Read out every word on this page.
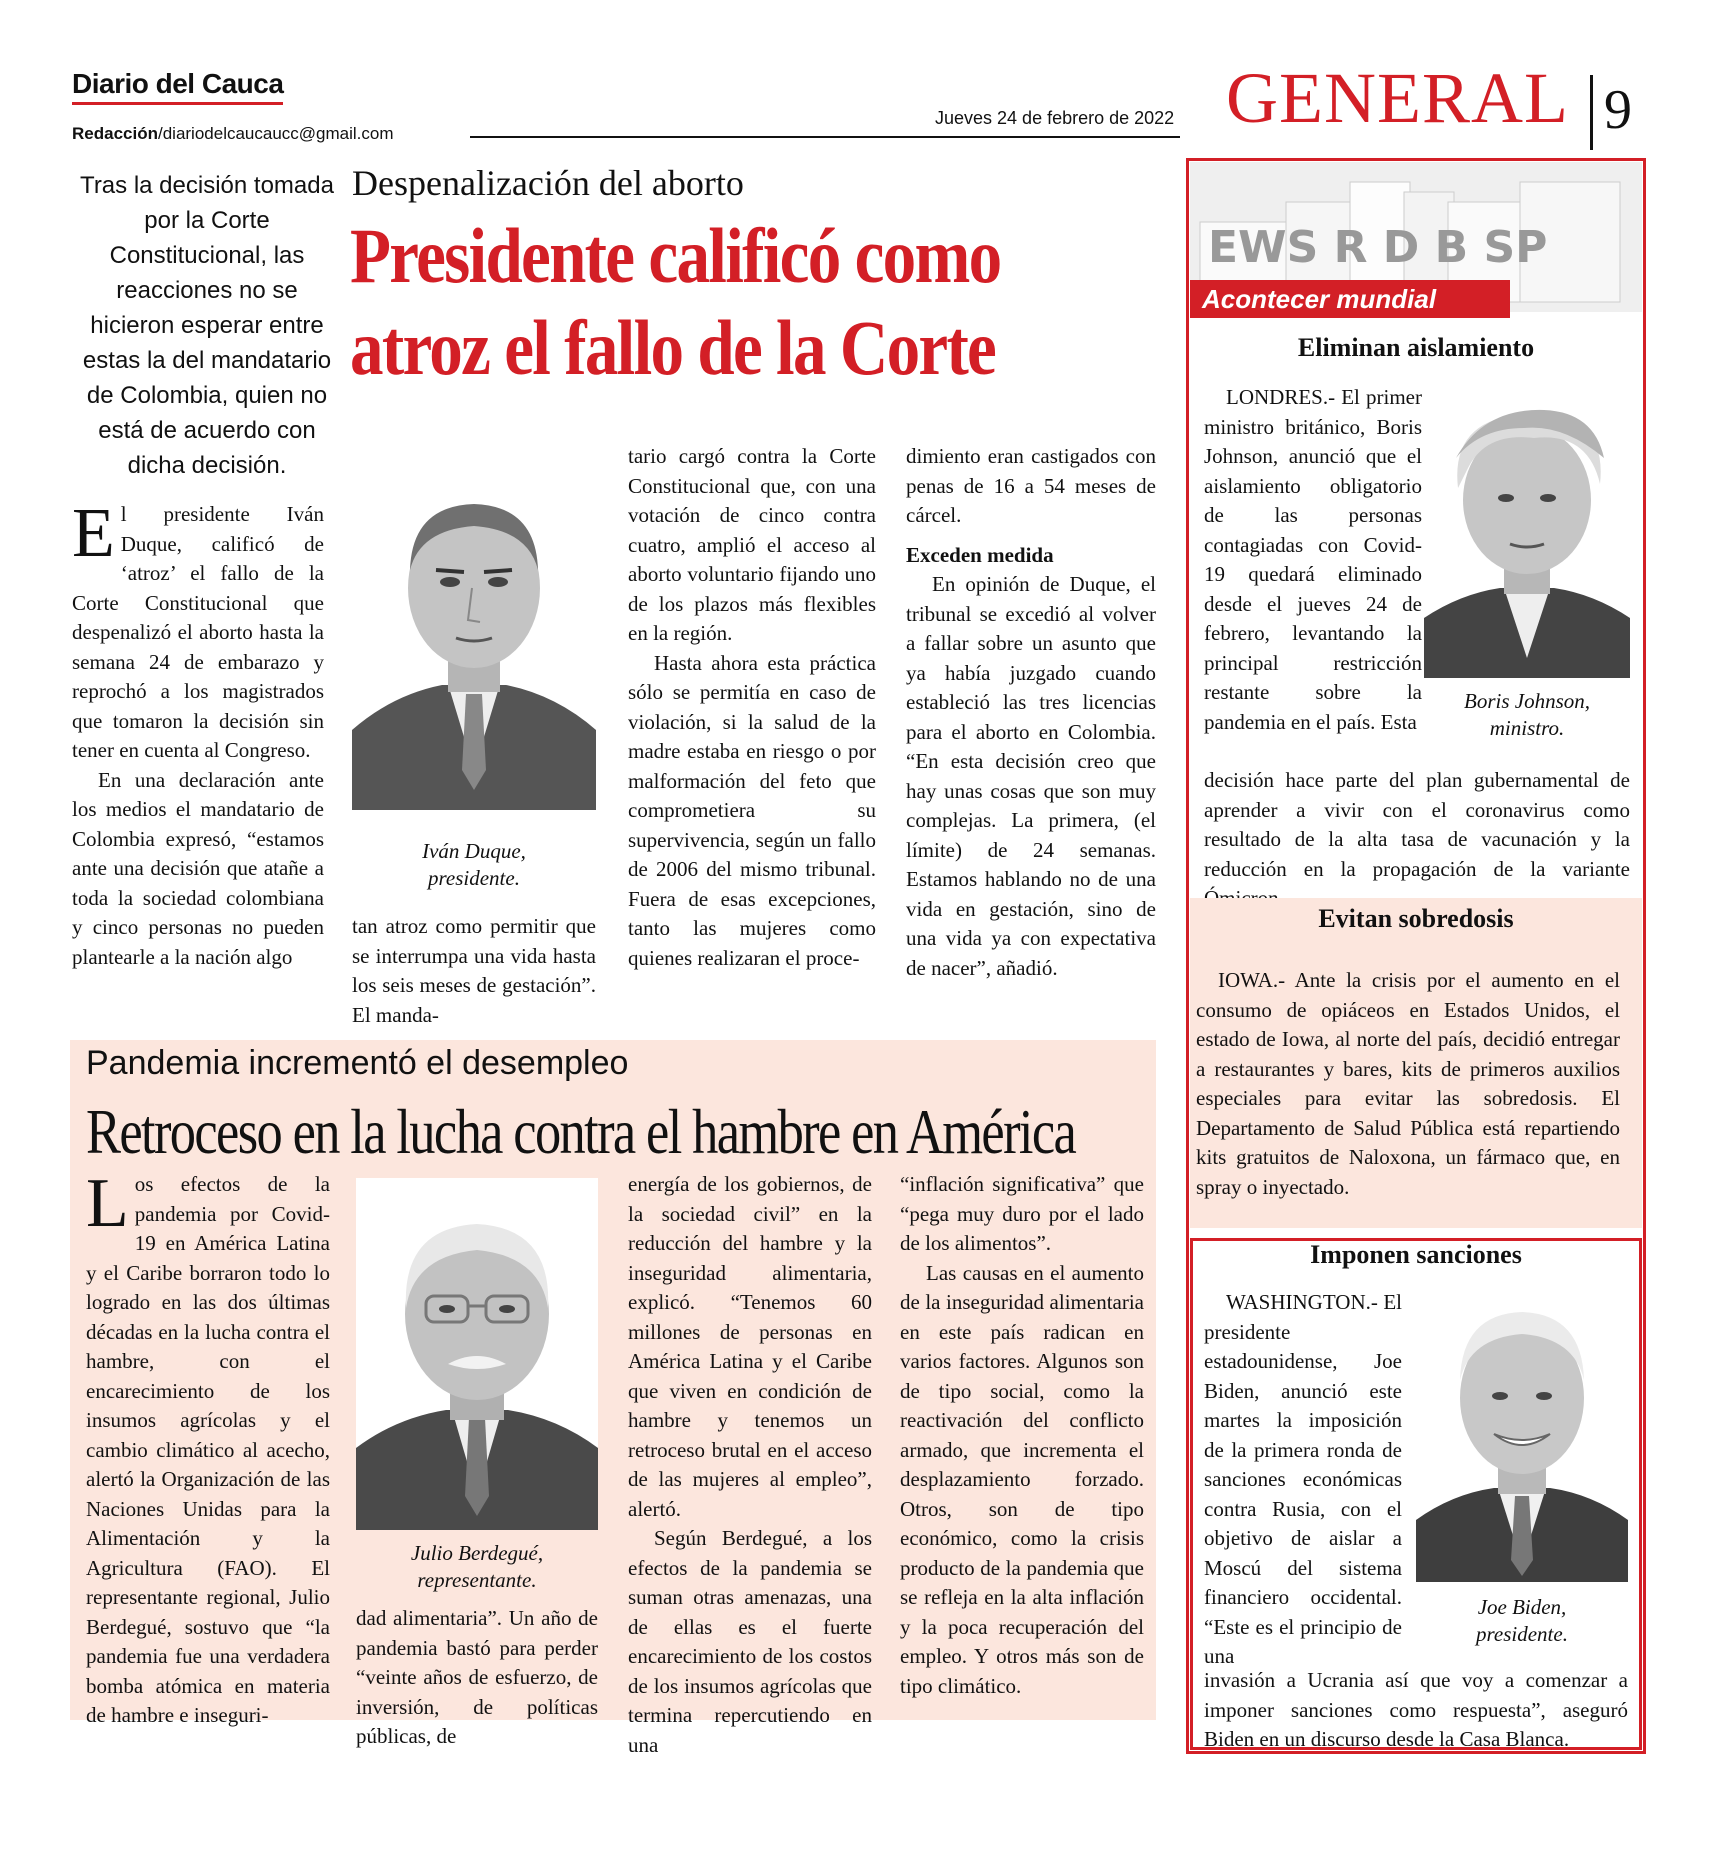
Diario del Cauca
Redacción/diariodelcaucaucc@gmail.com
Jueves 24 de febrero de 2022 GENERAL 9
Tras la decisión tomada por la Corte Constitucional, las reacciones no se hicieron esperar entre estas la del mandatario de Colombia, quien no está de acuerdo con dicha decisión.
Despenalización del aborto
Presidente calificó como
atroz el fallo de la Corte

El presidente Iván Duque, calificó de ‘atroz’ el fallo de la Corte Constitucional que despenalizó el aborto hasta la semana 24 de embarazo y reprochó a los magistrados que tomaron la decisión sin tener en cuenta al Congreso.

En una declaración ante los medios el mandatario de Colombia expresó, “estamos ante una decisión que atañe a toda la sociedad colombiana y cinco personas no pueden plantearle a la nación algo

Iván Duque,
presidente.

tan atroz como permitir que se interrumpa una vida hasta los seis meses de gestación”. El manda-

tario cargó contra la Corte Constitucional que, con una votación de cinco contra cuatro, amplió el acceso al aborto voluntario fijando uno de los plazos más flexibles en la región.

Hasta ahora esta práctica sólo se permitía en caso de violación, si la salud de la madre estaba en riesgo o por malformación del feto que comprometiera su supervivencia, según un fallo de 2006 del mismo tribunal. Fuera de esas excepciones, tanto las mujeres como quienes realizaran el proce-

dimiento eran castigados con penas de 16 a 54 meses de cárcel.

Exceden medida

En opinión de Duque, el tribunal se excedió al volver a fallar sobre un asunto que ya había juzgado cuando estableció las tres licencias para el aborto en Colombia. “En esta decisión creo que hay unas cosas que son muy complejas. La primera, (el límite) de 24 semanas. Estamos hablando no de una vida en gestación, sino de una vida ya con expectativa de nacer”, añadió.

Pandemia incrementó el desempleo
Retroceso en la lucha contra el hambre en América

Los efectos de la pandemia por Covid-19 en América Latina y el Caribe borraron todo lo logrado en las dos últimas décadas en la lucha contra el hambre, con el encarecimiento de los insumos agrícolas y el cambio climático al acecho, alertó la Organización de las Naciones Unidas para la Alimentación y la Agricultura (FAO). El representante regional, Julio Berdegué, sostuvo que “la pandemia fue una verdadera bomba atómica en materia de hambre e inseguri-

Julio Berdegué,
representante.

dad alimentaria”. Un año de pandemia bastó para perder “veinte años de esfuerzo, de inversión, de políticas públicas, de

energía de los gobiernos, de la sociedad civil” en la reducción del hambre y la inseguridad alimentaria, explicó. “Tenemos 60 millones de personas en América Latina y el Caribe que viven en condición de hambre y tenemos un retroceso brutal en el acceso de las mujeres al empleo”, alertó.

Según Berdegué, a los efectos de la pandemia se suman otras amenazas, una de ellas es el fuerte encarecimiento de los costos de los insumos agrícolas que termina repercutiendo en una

“inflación significativa” que “pega muy duro por el lado de los alimentos”.

Las causas en el aumento de la inseguridad alimentaria en este país radican en varios factores. Algunos son de tipo social, como la reactivación del conflicto armado, que incrementa el desplazamiento forzado. Otros, son de tipo económico, como la crisis producto de la pandemia que se refleja en la alta inflación y la poca recuperación del empleo. Y otros más son de tipo climático.

EWS R D B SP
Acontecer mundial
Eliminan aislamiento
LONDRES.- El primer ministro británico, Boris Johnson, anunció que el aislamiento obligatorio de las personas contagiadas con Covid-19 quedará eliminado desde el jueves 24 de febrero, levantando la principal restricción restante sobre la pandemia en el país. Esta
Boris Johnson,
ministro.
decisión hace parte del plan gubernamental de aprender a vivir con el coronavirus como resultado de la alta tasa de vacunación y la reducción en la propagación de la variante
Evitan sobredosis
IOWA.- Ante la crisis por el aumento en el consumo de opiáceos en Estados Unidos, el estado de Iowa, al norte del país, decidió entregar a restaurantes y bares, kits de primeros auxilios especiales para evitar las sobredosis. El Departamento de Salud Pública está repartiendo kits gratuitos de Naloxona, un fármaco que, en spray o inyectado.
Imponen sanciones
WASHINGTON.- El presidente estadounidense, Joe Biden, anunció este martes la imposición de la primera ronda de sanciones económicas contra Rusia, con el objetivo de aislar a Moscú del sistema financiero occidental. “Este es el principio de una
Joe Biden,
presidente.
invasión a Ucrania así que voy a comenzar a imponer sanciones como respuesta”, aseguró Biden en un discurso desde la Casa Blanca.
